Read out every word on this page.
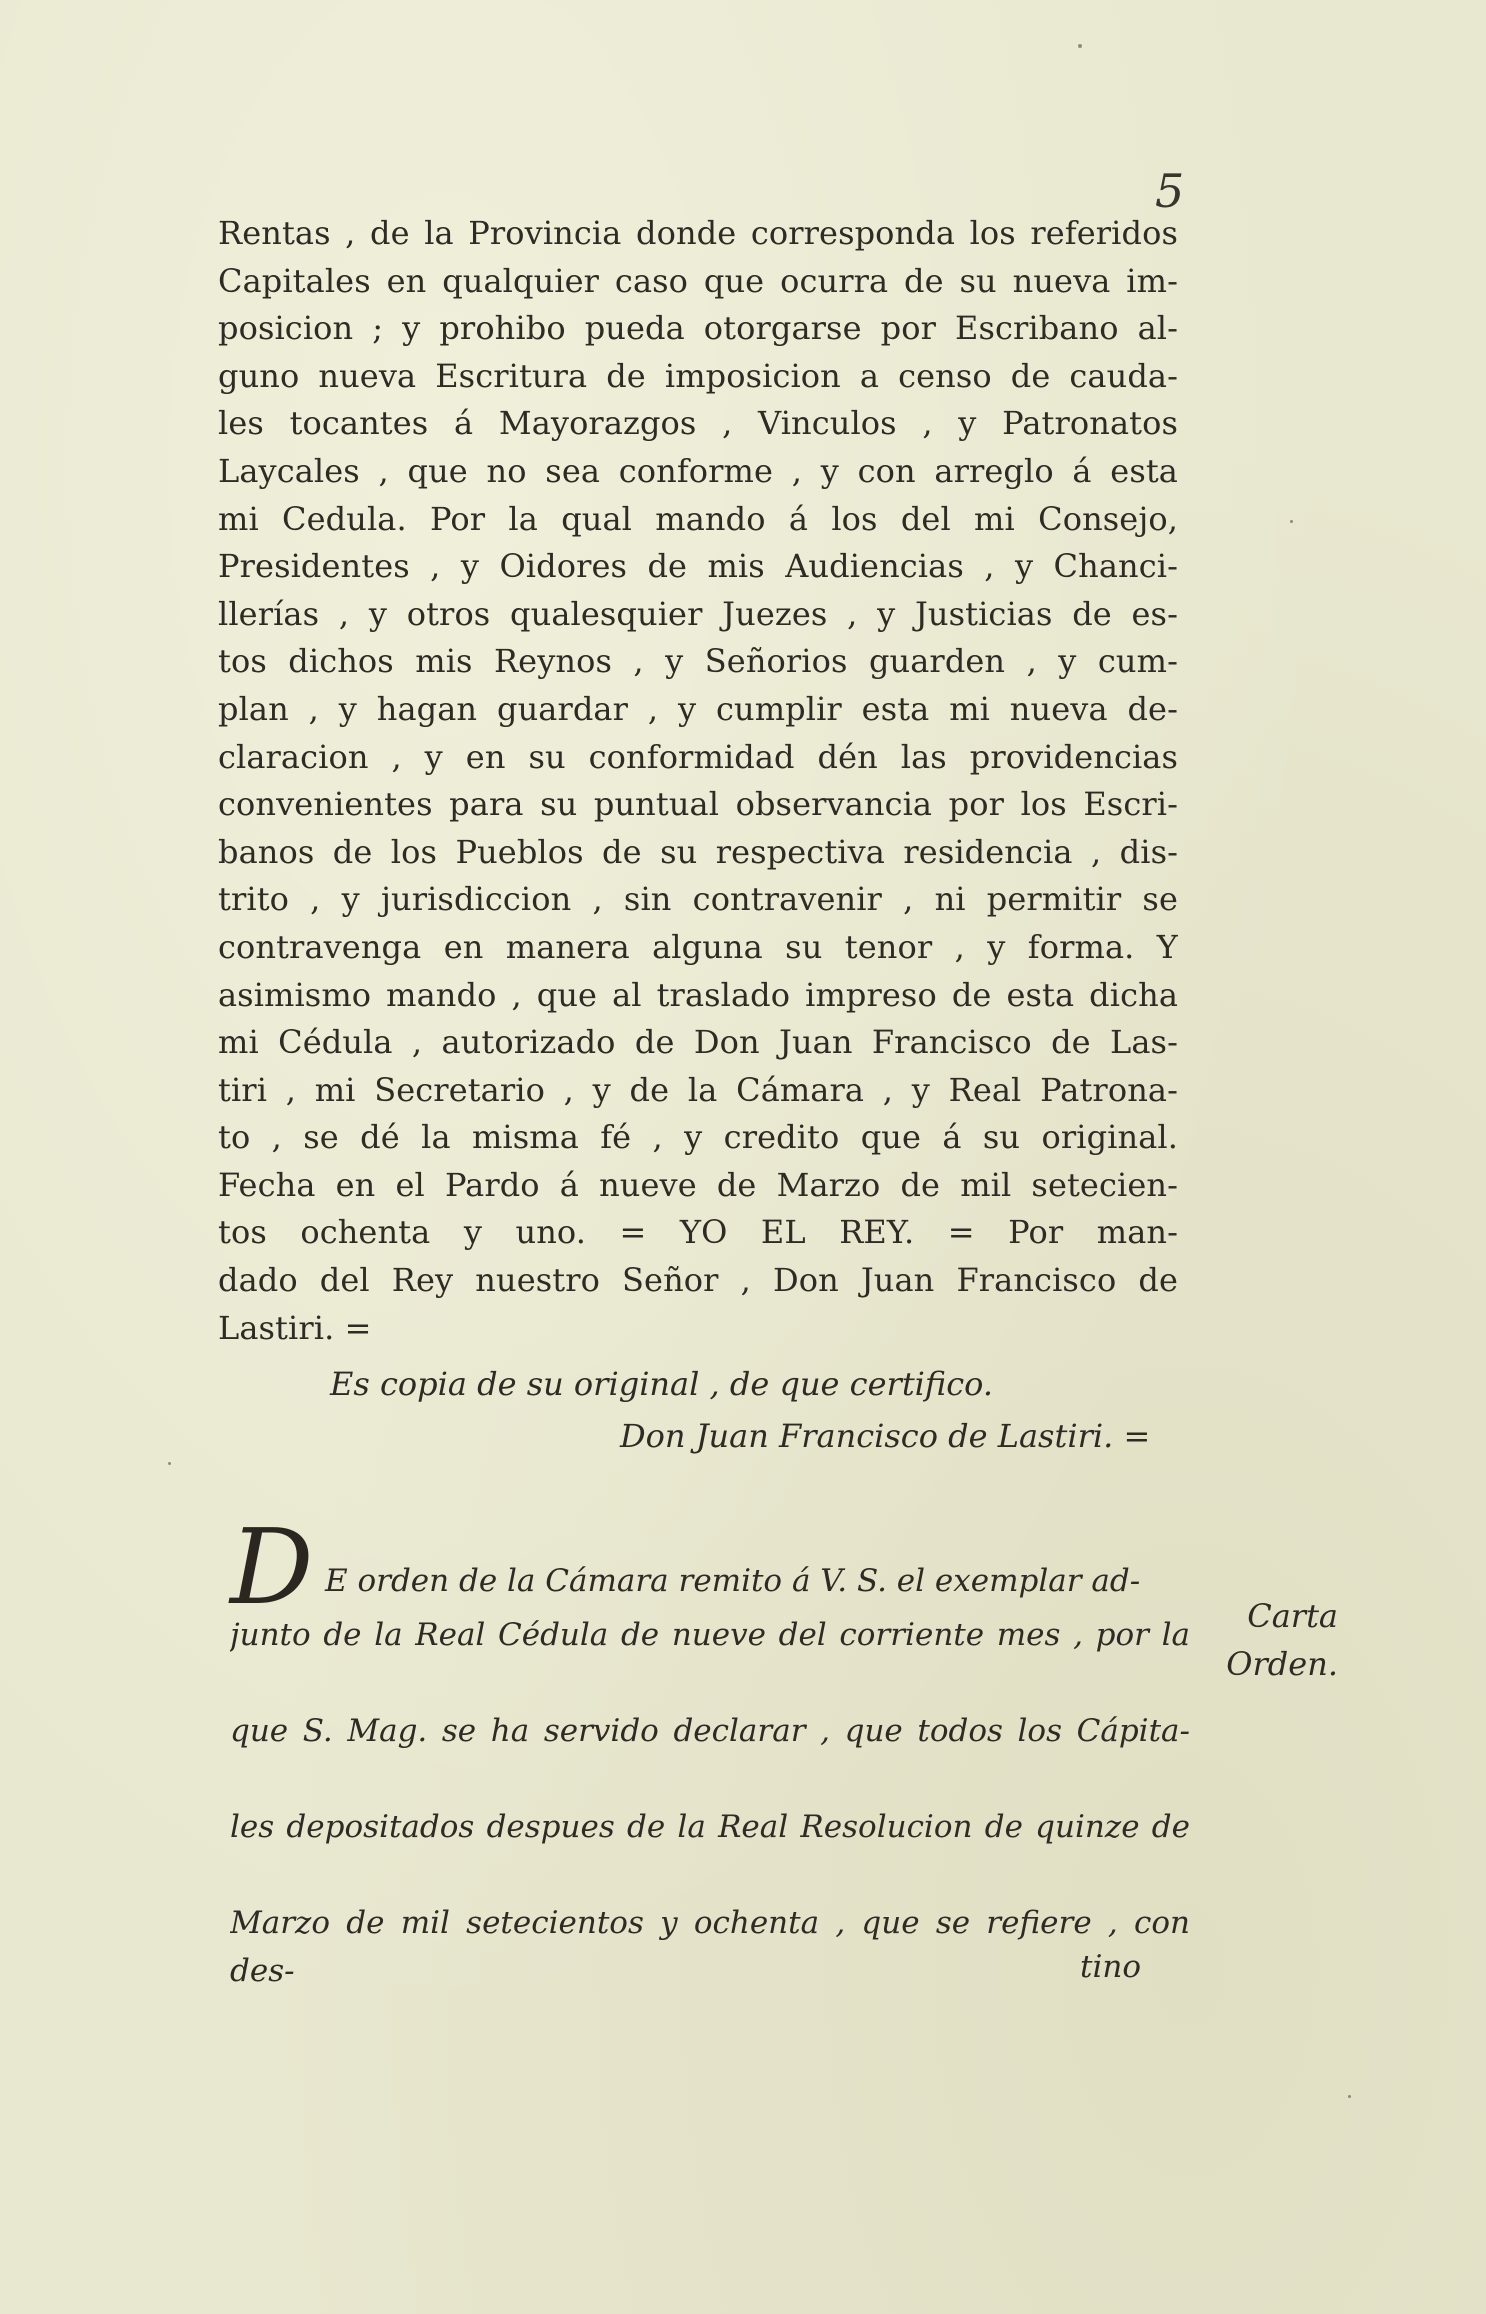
5
Rentas , de la Provincia donde corresponda los referidos
Capitales en qualquier caso que ocurra de su nueva im-
posicion ; y prohibo pueda otorgarse por Escribano al-
guno nueva Escritura de imposicion a censo de cauda-
les tocantes á Mayorazgos , Vinculos , y Patronatos
Laycales , que no sea conforme , y con arreglo á esta
mi Cedula. Por la qual mando á los del mi Consejo,
Presidentes , y Oidores de mis Audiencias , y Chanci-
llerías , y otros qualesquier Juezes , y Justicias de es-
tos dichos mis Reynos , y Señorios guarden , y cum-
plan , y hagan guardar , y cumplir esta mi nueva de-
claracion , y en su conformidad dén las providencias
convenientes para su puntual observancia por los Escri-
banos de los Pueblos de su respectiva residencia , dis-
trito , y jurisdiccion , sin contravenir , ni permitir se
contravenga en manera alguna su tenor , y forma. Y
asimismo mando , que al traslado impreso de esta dicha
mi Cédula , autorizado de Don Juan Francisco de Las-
tiri , mi Secretario , y de la Cámara , y Real Patrona-
to , se dé la misma fé , y credito que á su original.
Fecha en el Pardo á nueve de Marzo de mil setecien-
tos ochenta y uno. = YO EL REY. = Por man-
dado del Rey nuestro Señor , Don Juan Francisco de
Lastiri. =
Es copia de su original , de que certifico.
Don Juan Francisco de Lastiri. =
D E orden de la Cámara remito á V. S. el exemplar ad-
junto de la Real Cédula de nueve del corriente mes , por la
que S. Mag. se ha servido declarar , que todos los Cápita-
les depositados despues de la Real Resolucion de quinze de
Marzo de mil setecientos y ochenta , que se refiere , con des-	tino
Carta
Orden.
